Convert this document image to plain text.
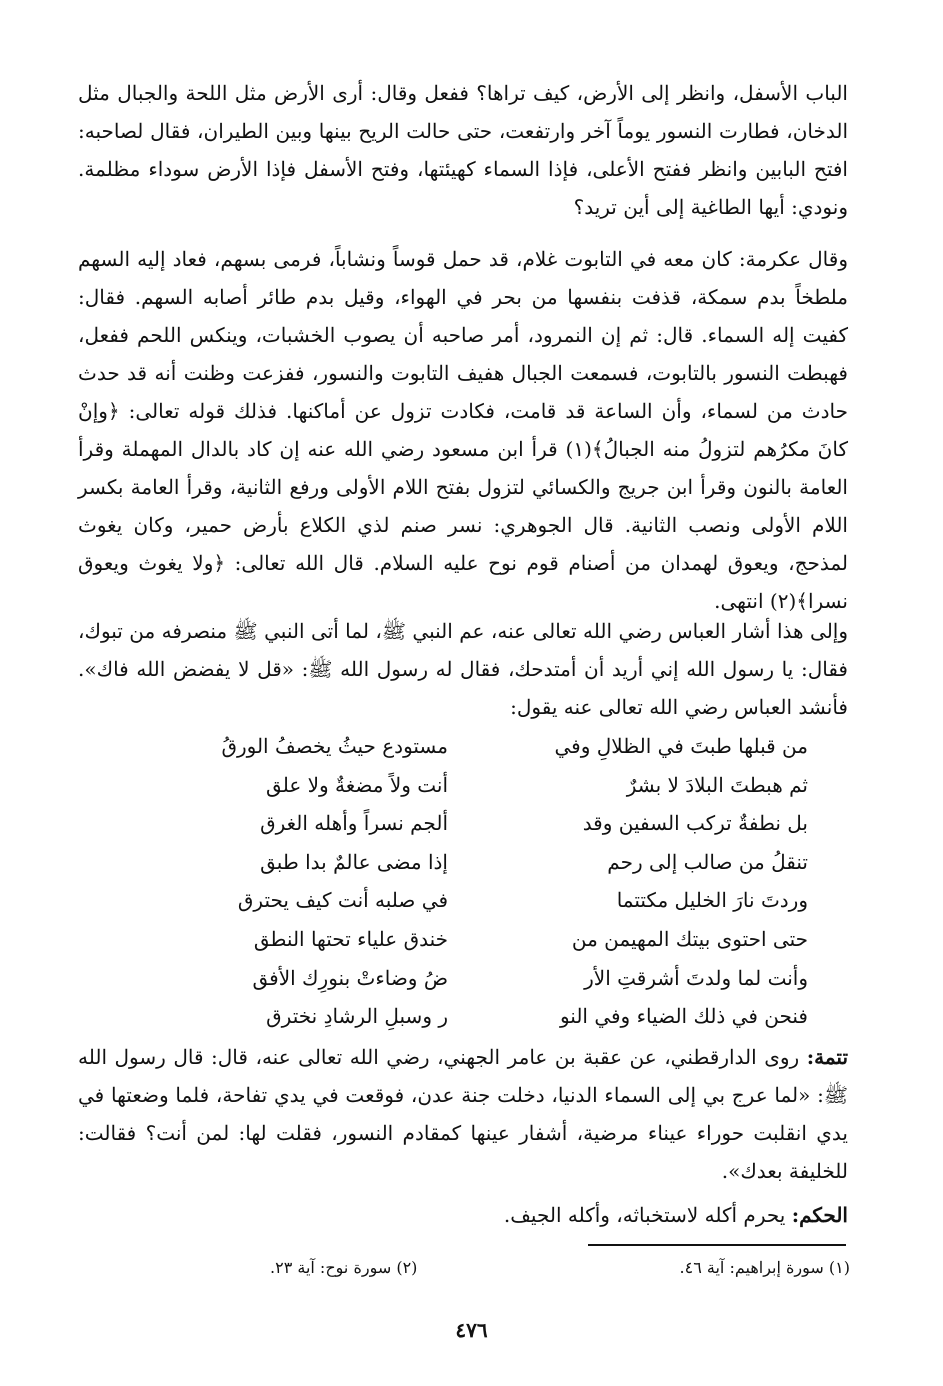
الباب الأسفل، وانظر إلى الأرض، كيف تراها؟ ففعل وقال: أرى الأرض مثل اللحة والجبال مثل الدخان، فطارت النسور يوماً آخر وارتفعت، حتى حالت الريح بينها وبين الطيران، فقال لصاحبه: افتح البابين وانظر ففتح الأعلى، فإذا السماء كهيئتها، وفتح الأسفل فإذا الأرض سوداء مظلمة. ونودي: أيها الطاغية إلى أين تريد؟

وقال عكرمة: كان معه في التابوت غلام، قد حمل قوساً ونشاباً، فرمى بسهم، فعاد إليه السهم ملطخاً بدم سمكة، قذفت بنفسها من بحر في الهواء، وقيل بدم طائر أصابه السهم. فقال: كفيت إله السماء. قال: ثم إن النمرود، أمر صاحبه أن يصوب الخشبات، وينكس اللحم ففعل، فهبطت النسور بالتابوت، فسمعت الجبال هفيف التابوت والنسور، ففزعت وظنت أنه قد حدث حادث من لسماء، وأن الساعة قد قامت، فكادت تزول عن أماكنها. فذلك قوله تعالى: ﴿وإنْ كانَ مكرُهم لتزولُ منه الجبالُ﴾(١) قرأ ابن مسعود رضي الله عنه إن كاد بالدال المهملة وقرأ العامة بالنون وقرأ ابن جريج والكسائي لتزول بفتح اللام الأولى ورفع الثانية، وقرأ العامة بكسر اللام الأولى ونصب الثانية. قال الجوهري: نسر صنم لذي الكلاع بأرض حمير، وكان يغوث لمذحج، ويعوق لهمدان من أصنام قوم نوح عليه السلام. قال الله تعالى: ﴿ولا يغوث ويعوق نسرا﴾(٢) انتهى.

وإلى هذا أشار العباس رضي الله تعالى عنه، عم النبي ﷺ، لما أتى النبي ﷺ منصرفه من تبوك، فقال: يا رسول الله إني أريد أن أمتدحك، فقال له رسول الله ﷺ: «قل لا يفضض الله فاك». فأنشد العباس رضي الله تعالى عنه يقول:

من قبلها طبتَ في الظلالِ وفي
مستودع حيثُ يخصفُ الورقُ
ثم هبطتَ البلادَ لا بشرٌ
أنت ولاً مضغةٌ ولا علق
بل نطفةٌ تركب السفين وقد
ألجم نسراً وأهله الغرق
تنقلُ من صالب إلى رحم
إذا مضى عالمٌ بدا طبق
وردتَ نارَ الخليل مكتتما
في صلبه أنت كيف يحترق
حتى احتوى بيتك المهيمن من
خندق علياء تحتها النطق
وأنت لما ولدتَ أشرقتِ الأر
ضُ وضاءتْ بنورِك الأفق
فنحن في ذلك الضياء وفي النو
ر وسبلِ الرشادِ نخترق

تتمة: روى الدارقطني، عن عقبة بن عامر الجهني، رضي الله تعالى عنه، قال: قال رسول الله ﷺ: «لما عرج بي إلى السماء الدنيا، دخلت جنة عدن، فوقعت في يدي تفاحة، فلما وضعتها في يدي انقلبت حوراء عيناء مرضية، أشفار عينها كمقادم النسور، فقلت لها: لمن أنت؟ فقالت: للخليفة بعدك».

الحكم: يحرم أكله لاستخباثه، وأكله الجيف.

(١) سورة إبراهيم: آية ٤٦.
(٢) سورة نوح: آية ٢٣.
٤٧٦
